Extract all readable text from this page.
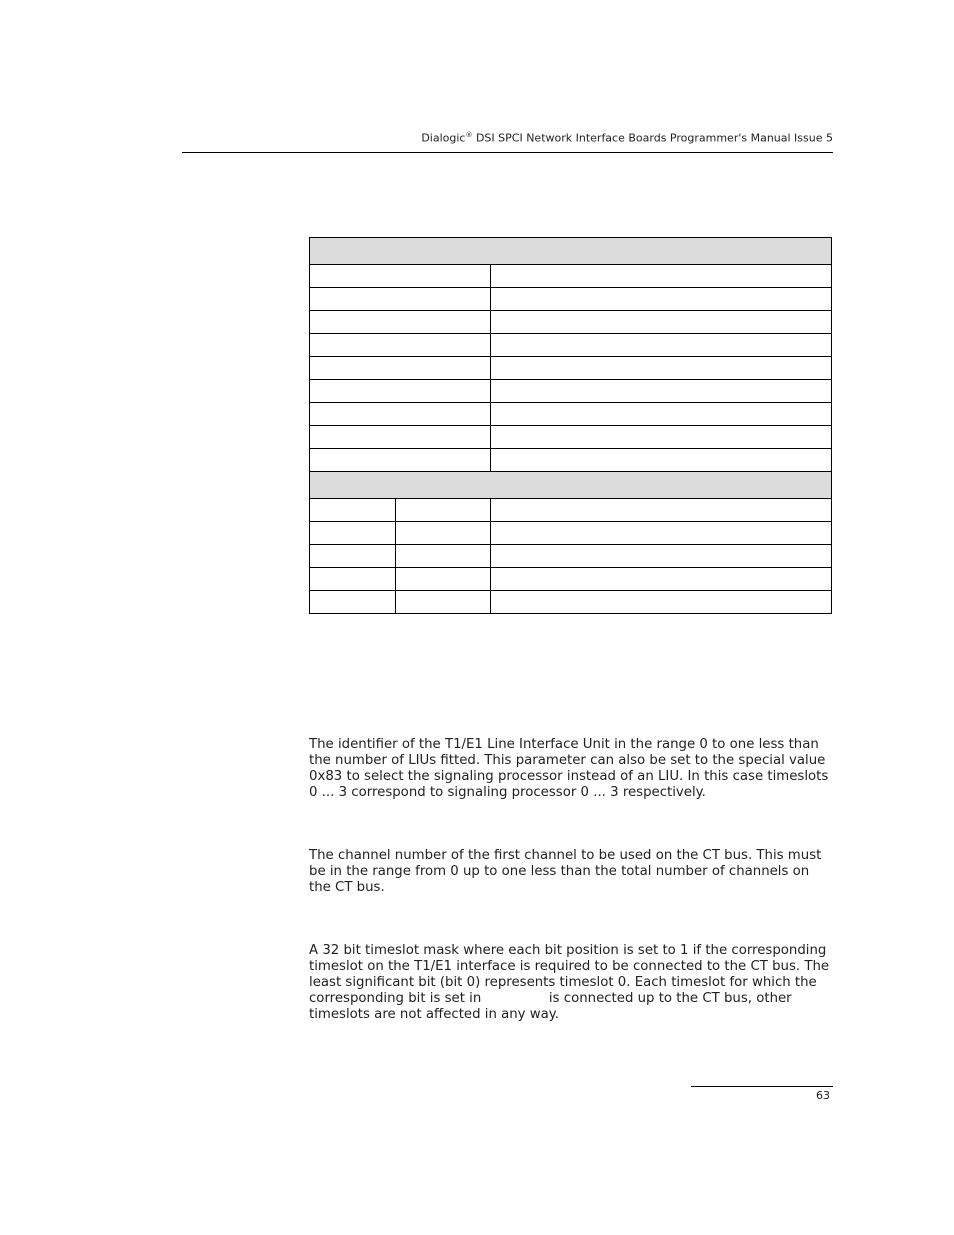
Dialogic® DSI SPCI Network Interface Boards Programmer's Manual Issue 5

The identifier of the T1/E1 Line Interface Unit in the range 0 to one less than
the number of LIUs fitted. This parameter can also be set to the special value
0x83 to select the signaling processor instead of an LIU. In this case timeslots
0 ... 3 correspond to signaling processor 0 ... 3 respectively.

The channel number of the first channel to be used on the CT bus. This must
be in the range from 0 up to one less than the total number of channels on
the CT bus.

A 32 bit timeslot mask where each bit position is set to 1 if the corresponding
timeslot on the T1/E1 interface is required to be connected to the CT bus. The
least significant bit (bit 0) represents timeslot 0. Each timeslot for which the
corresponding bit is set in                is connected up to the CT bus, other
timeslots are not affected in any way.

63
